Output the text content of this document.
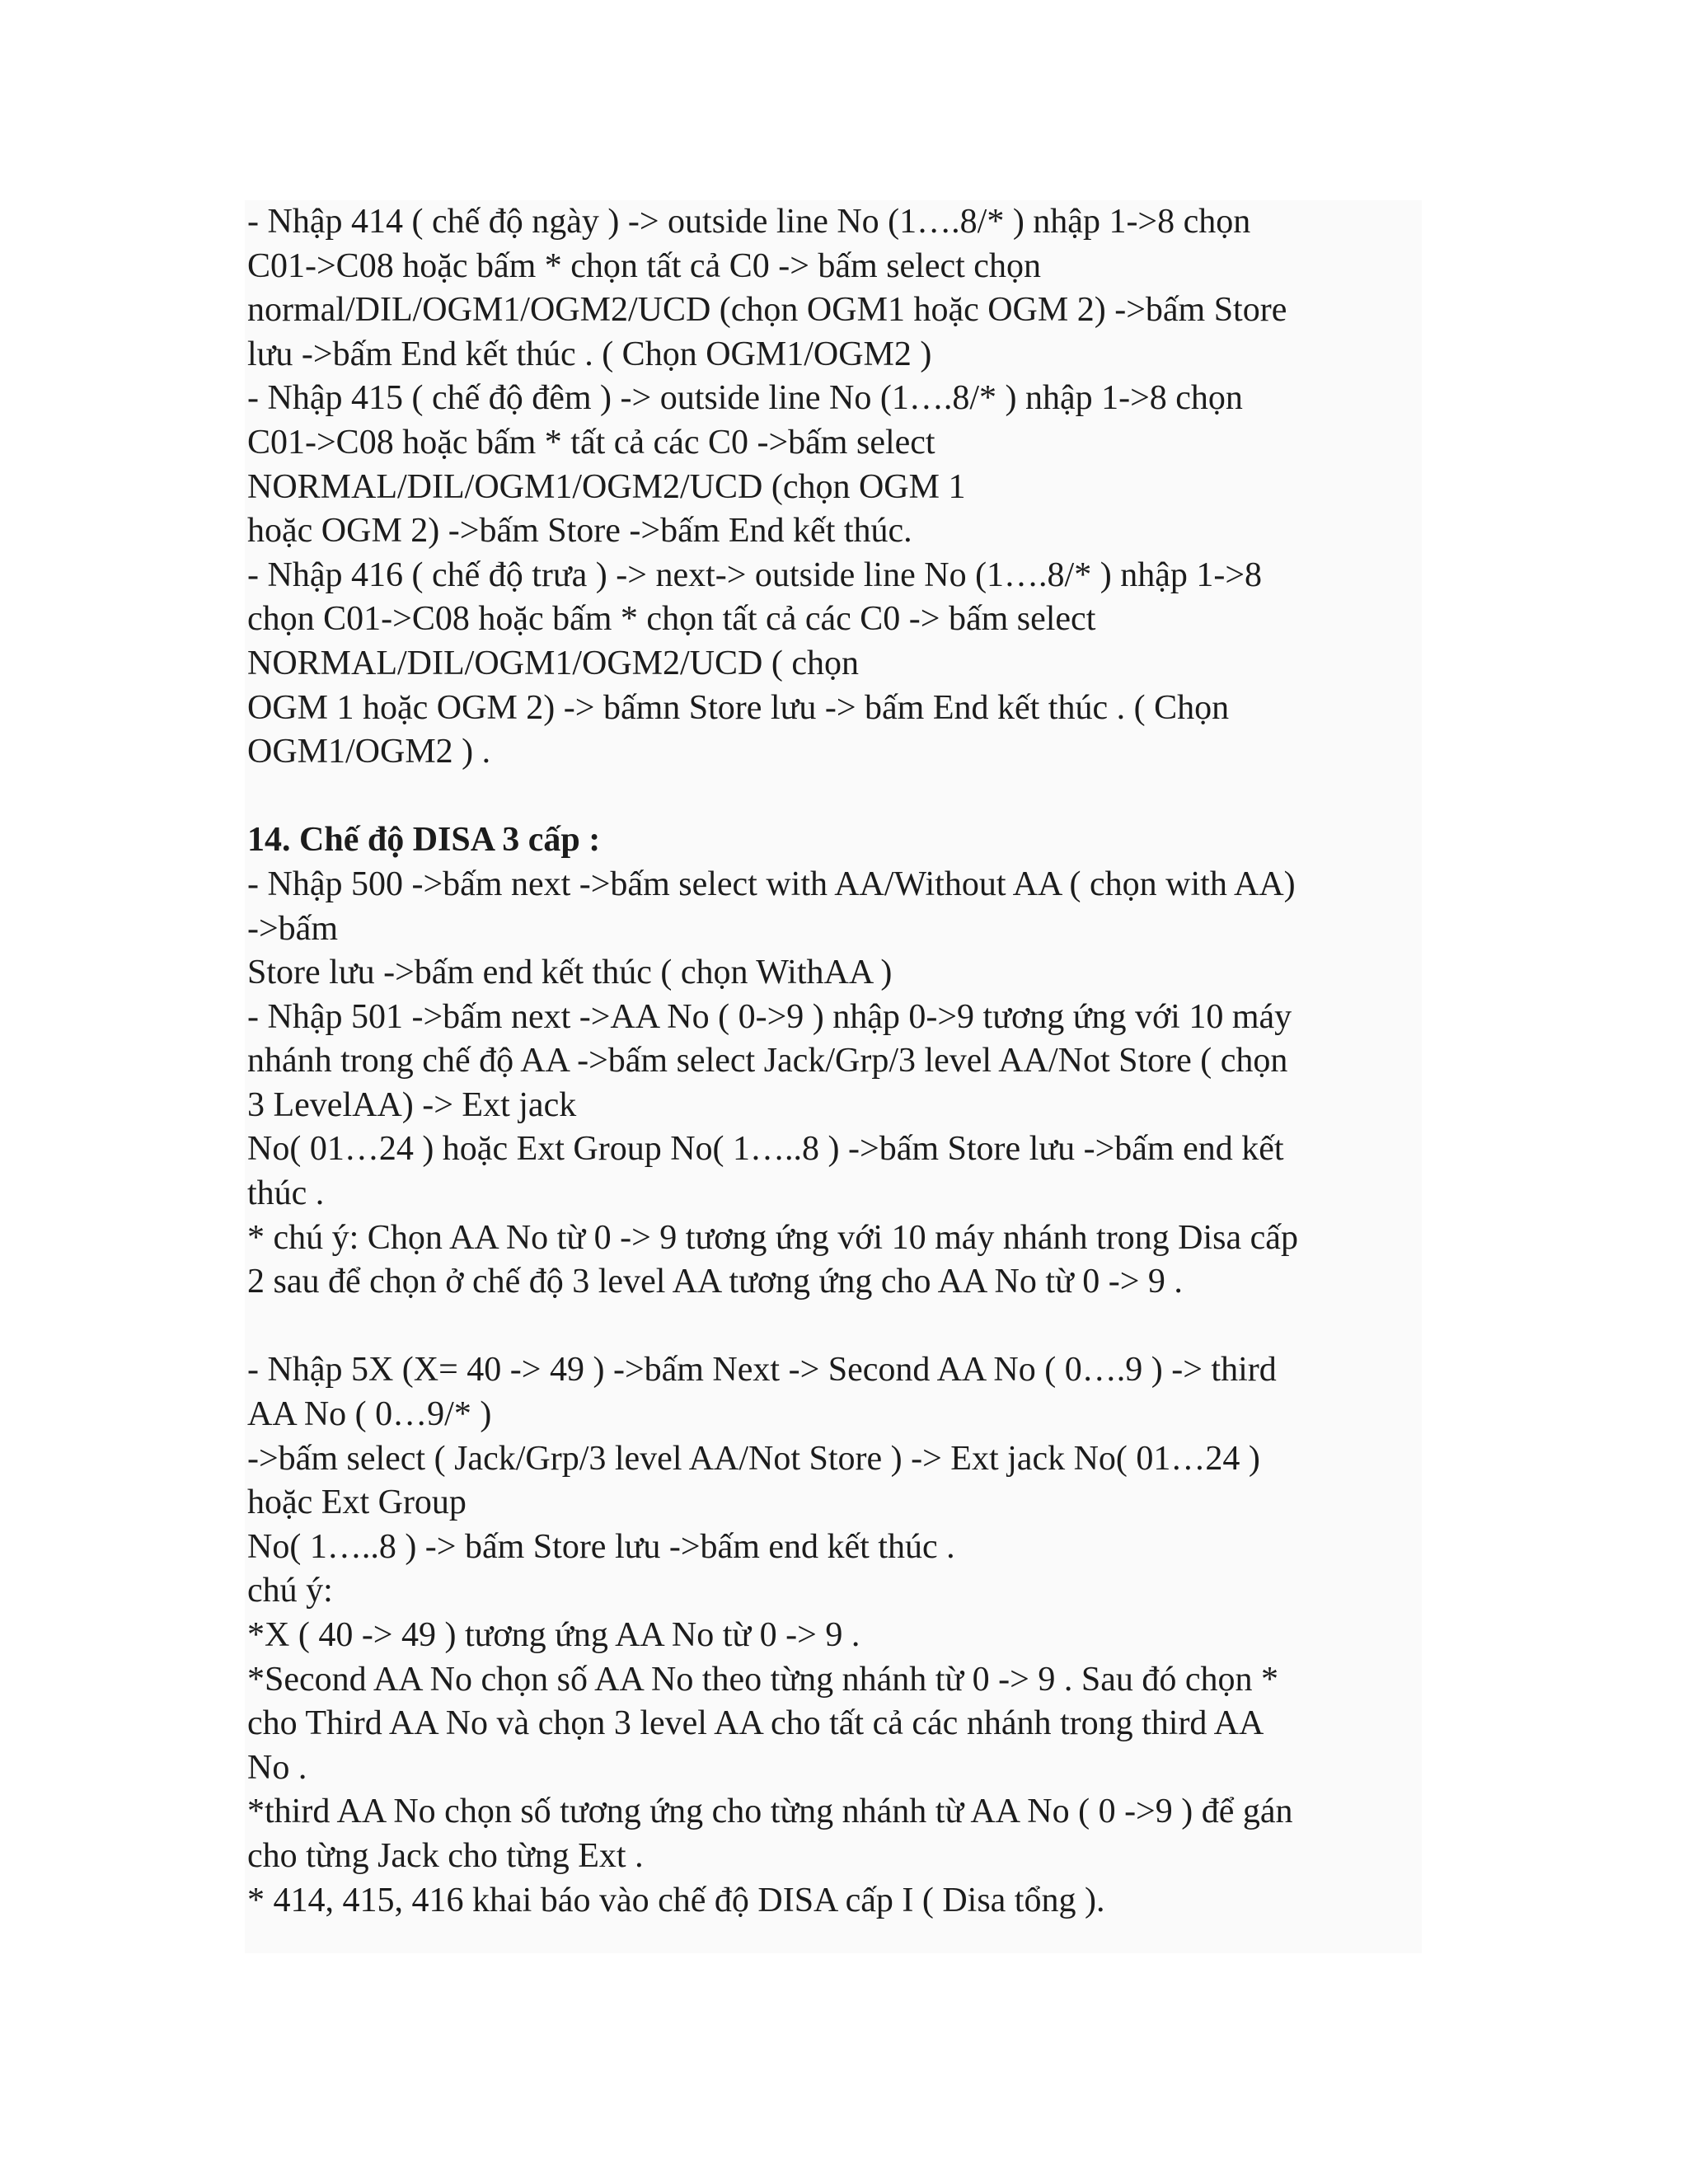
- Nhập 414 ( chế độ ngày ) -> outside line No (1….8/* ) nhập 1->8 chọn
C01->C08 hoặc bấm * chọn tất cả C0 -> bấm select chọn
normal/DIL/OGM1/OGM2/UCD (chọn OGM1 hoặc OGM 2) ->bấm Store
lưu ->bấm End kết thúc . ( Chọn OGM1/OGM2 )
- Nhập 415 ( chế độ đêm ) -> outside line No (1….8/* ) nhập 1->8 chọn
C01->C08 hoặc bấm * tất cả các C0 ->bấm select
NORMAL/DIL/OGM1/OGM2/UCD (chọn OGM 1
hoặc OGM 2) ->bấm Store ->bấm End kết thúc.
- Nhập 416 ( chế độ trưa ) -> next-> outside line No (1….8/* ) nhập 1->8
chọn C01->C08 hoặc bấm * chọn tất cả các C0 -> bấm select
NORMAL/DIL/OGM1/OGM2/UCD ( chọn
OGM 1 hoặc OGM 2) -> bấmn Store lưu -> bấm End kết thúc . ( Chọn
OGM1/OGM2 ) .
14. Chế độ DISA 3 cấp :
- Nhập 500 ->bấm next ->bấm select with AA/Without AA ( chọn with AA)
->bấm
Store lưu ->bấm end kết thúc ( chọn WithAA )
- Nhập 501 ->bấm next ->AA No ( 0->9 ) nhập 0->9 tương ứng với 10 máy
nhánh trong chế độ AA ->bấm select Jack/Grp/3 level AA/Not Store ( chọn
3 LevelAA) -> Ext jack
No( 01…24 ) hoặc Ext Group No( 1…..8 ) ->bấm Store lưu ->bấm end kết
thúc .
* chú ý: Chọn AA No từ 0 -> 9 tương ứng với 10 máy nhánh trong Disa cấp
2 sau để chọn ở chế độ 3 level AA tương ứng cho AA No từ 0 -> 9 .
- Nhập 5X (X= 40 -> 49 ) ->bấm Next -> Second AA No ( 0….9 ) -> third
AA No ( 0…9/* )
->bấm select ( Jack/Grp/3 level AA/Not Store ) -> Ext jack No( 01…24 )
hoặc Ext Group
No( 1…..8 ) -> bấm Store lưu ->bấm end kết thúc .
chú ý:
*X ( 40 -> 49 ) tương ứng AA No từ 0 -> 9 .
*Second AA No chọn số AA No theo từng nhánh từ 0 -> 9 . Sau đó chọn *
cho Third AA No và chọn 3 level AA cho tất cả các nhánh trong third AA
No .
*third AA No chọn số tương ứng cho từng nhánh từ AA No ( 0 ->9 ) để gán
cho từng Jack cho từng Ext .
* 414, 415, 416 khai báo vào chế độ DISA cấp I ( Disa tổng ).
